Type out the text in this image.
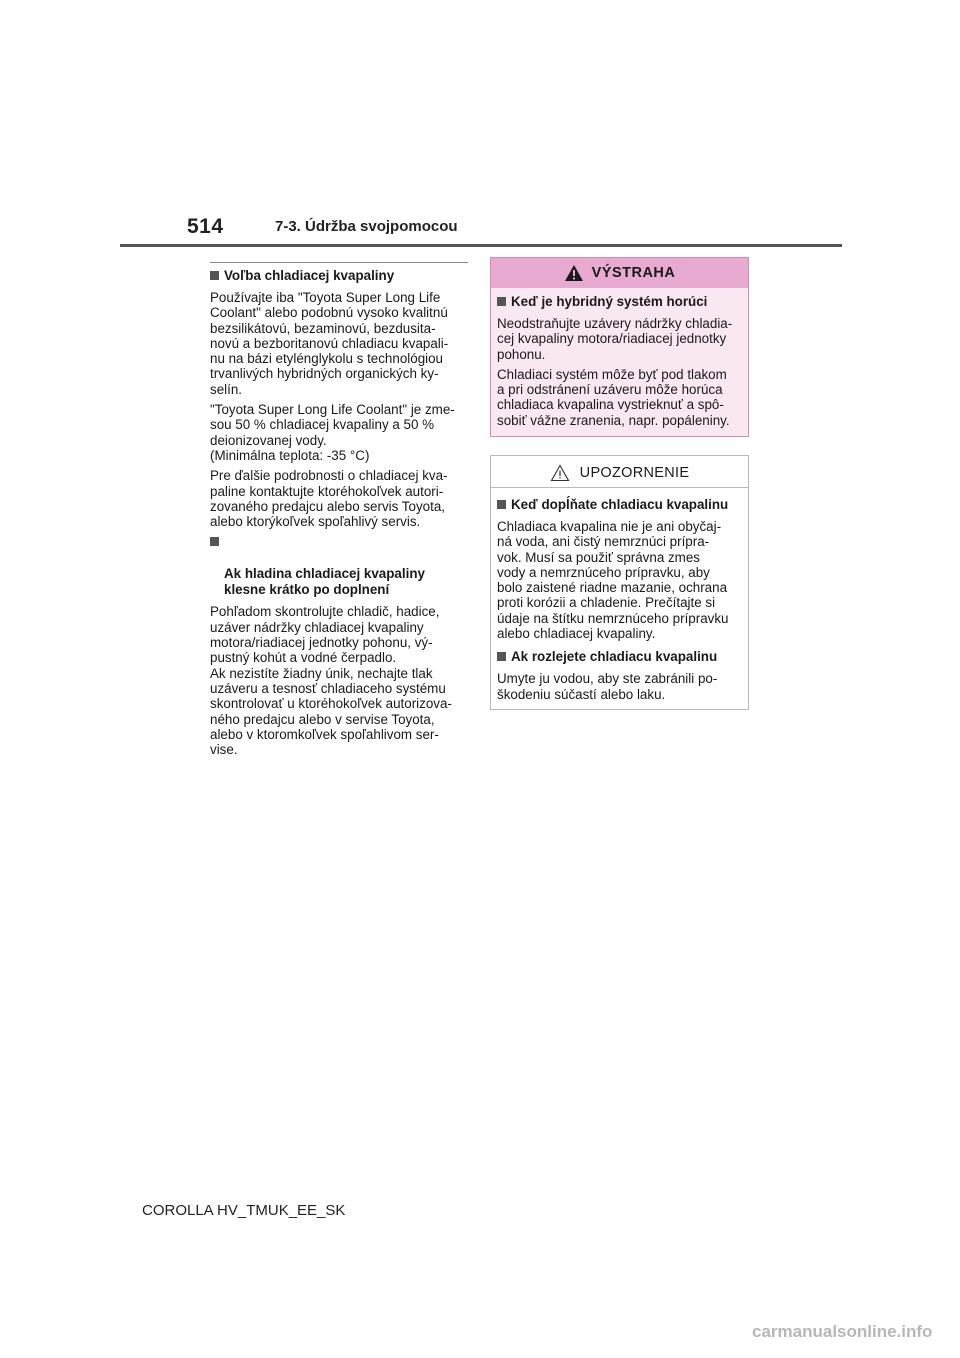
514	7-3. Údržba svojpomocou
Voľba chladiacej kvapaliny

Používajte iba "Toyota Super Long Life
Coolant" alebo podobnú vysoko kvalitnú
bezsilikátovú, bezaminovú, bezdusita-
novú a bezboritanovú chladiacu kvapali-
nu na bázi etylénglykolu s technológiou
trvanlivých hybridných organických ky-
selín.

"Toyota Super Long Life Coolant" je zme-
sou 50 % chladiacej kvapaliny a 50 %
deionizovanej vody.
(Minimálna teplota: -35 °C)

Pre ďalšie podrobnosti o chladiacej kva-
paline kontaktujte ktoréhokoľvek autori-
zovaného predajcu alebo servis Toyota,
alebo ktorýkoľvek spoľahlivý servis.

Ak hladina chladiacej kvapaliny
klesne krátko po doplnení

Pohľadom skontrolujte chladič, hadice,
uzáver nádržky chladiacej kvapaliny
motora/riadiacej jednotky pohonu, vý-
pustný kohút a vodné čerpadlo.
Ak nezistíte žiadny únik, nechajte tlak
uzáveru a tesnosť chladiaceho systému
skontrolovať u ktoréhokoľvek autorizova-
ného predajcu alebo v servise Toyota,
alebo v ktoromkoľvek spoľahlivom ser-
vise.

VÝSTRAHA
Keď je hybridný systém horúci

Neodstraňujte uzávery nádržky chladia-
cej kvapaliny motora/riadiacej jednotky
pohonu.

Chladiaci systém môže byť pod tlakom
a pri odstránení uzáveru môže horúca
chladiaca kvapalina vystrieknuť a spô-
sobiť vážne zranenia, napr. popáleniny.

UPOZORNENIE
Keď dopĺňate chladiacu kvapalinu

Chladiaca kvapalina nie je ani obyčaj-
ná voda, ani čistý nemrznúci prípra-
vok. Musí sa použiť správna zmes
vody a nemrznúceho prípravku, aby
bolo zaistené riadne mazanie, ochrana
proti korózii a chladenie. Prečítajte si
údaje na štítku nemrznúceho prípravku
alebo chladiacej kvapaliny.

Ak rozlejete chladiacu kvapalinu

Umyte ju vodou, aby ste zabránili po-
škodeniu súčastí alebo laku.

COROLLA HV_TMUK_EE_SK
carmanualsonline.info
